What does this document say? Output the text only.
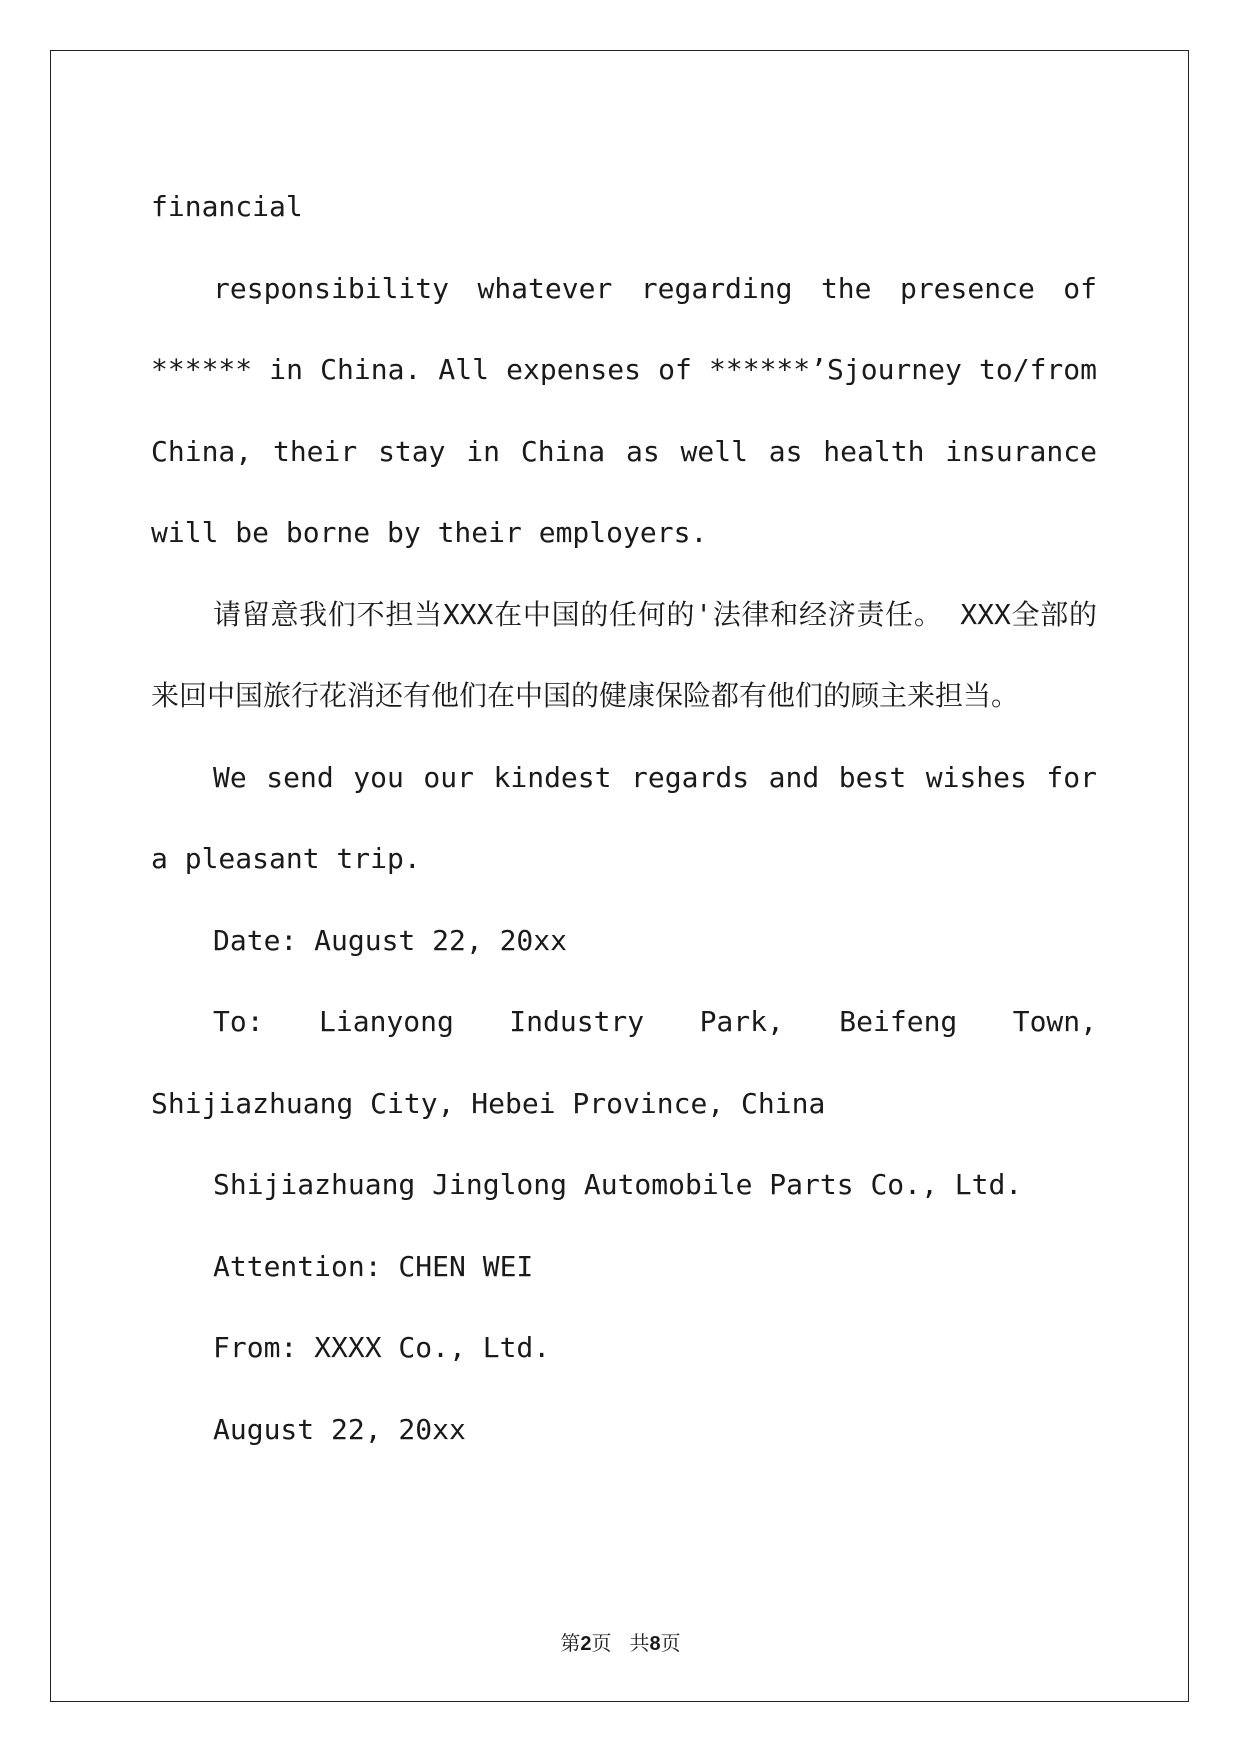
financial

responsibility whatever regarding the presence of ****** in China. All expenses of ******’Sjourney to/from China, their stay in China as well as health insurance will be borne by their employers.

请留意我们不担当XXX在中国的任何的'法律和经济责任。 XXX全部的来回中国旅行花消还有他们在中国的健康保险都有他们的顾主来担当。

We send you our kindest regards and best wishes for a pleasant trip.

Date: August 22, 20xx

To: Lianyong Industry Park, Beifeng Town, Shijiazhuang City, Hebei Province, China

Shijiazhuang Jinglong Automobile Parts Co., Ltd.

Attention: CHEN WEI

From: XXXX Co., Ltd.

August 22, 20xx

第2页 共8页
